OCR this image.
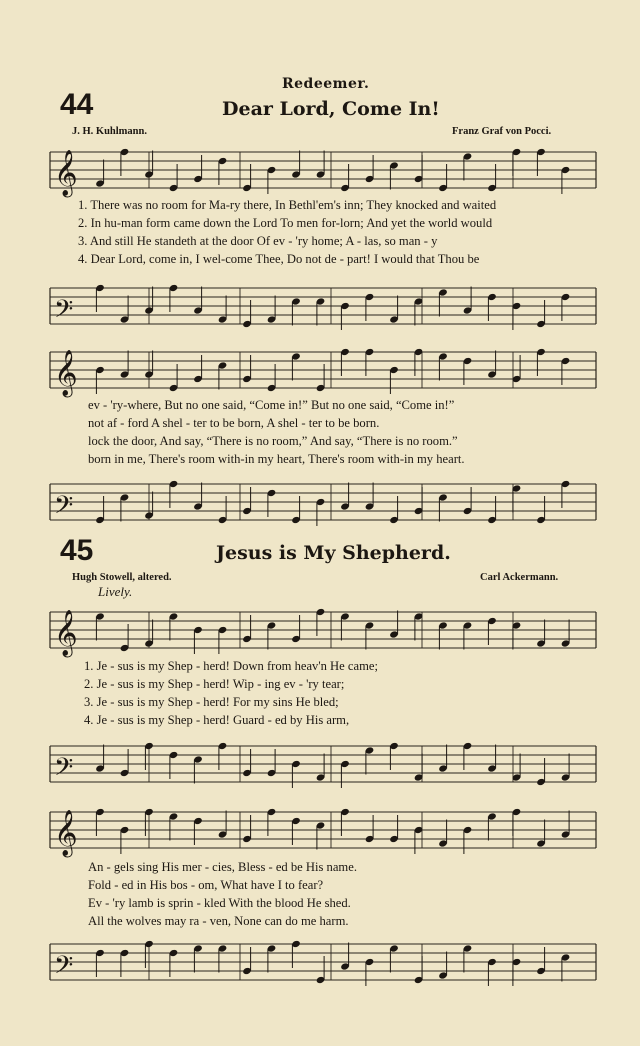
Redeemer.
44	Dear Lord, Come In!
J. H. Kuhlmann.	Franz Graf von Pocci.
𝄞
1. There was no room for Ma-ry there, In Bethl'em's inn; They knocked and waited
2. In hu-man form came down the Lord To men for-lorn; And yet the world would
3. And still He standeth at the door Of ev - 'ry home; A - las, so man - y
4. Dear Lord, come in, I wel-come Thee, Do not de - part! I would that Thou be
𝄢
𝄞
ev - 'ry-where, But no one said, “Come in!” But no one said, “Come in!”
not af - ford A shel - ter to be born, A shel - ter to be born.
lock the door, And say, “There is no room,” And say, “There is no room.”
born in me, There's room with-in my heart, There's room with-in my heart.
𝄢
45	Jesus is My Shepherd.
Hugh Stowell, altered.	Carl Ackermann.
Lively.
𝄞
1. Je - sus is my Shep - herd! Down from heav'n He came;
2. Je - sus is my Shep - herd! Wip - ing ev - 'ry tear;
3. Je - sus is my Shep - herd! For my sins He bled;
4. Je - sus is my Shep - herd! Guard - ed by His arm,
𝄢
𝄞
An - gels sing His mer - cies, Bless - ed be His name.
Fold - ed in His bos - om, What have I to fear?
Ev - 'ry lamb is sprin - kled With the blood He shed.
All the wolves may ra - ven, None can do me harm.
𝄢
